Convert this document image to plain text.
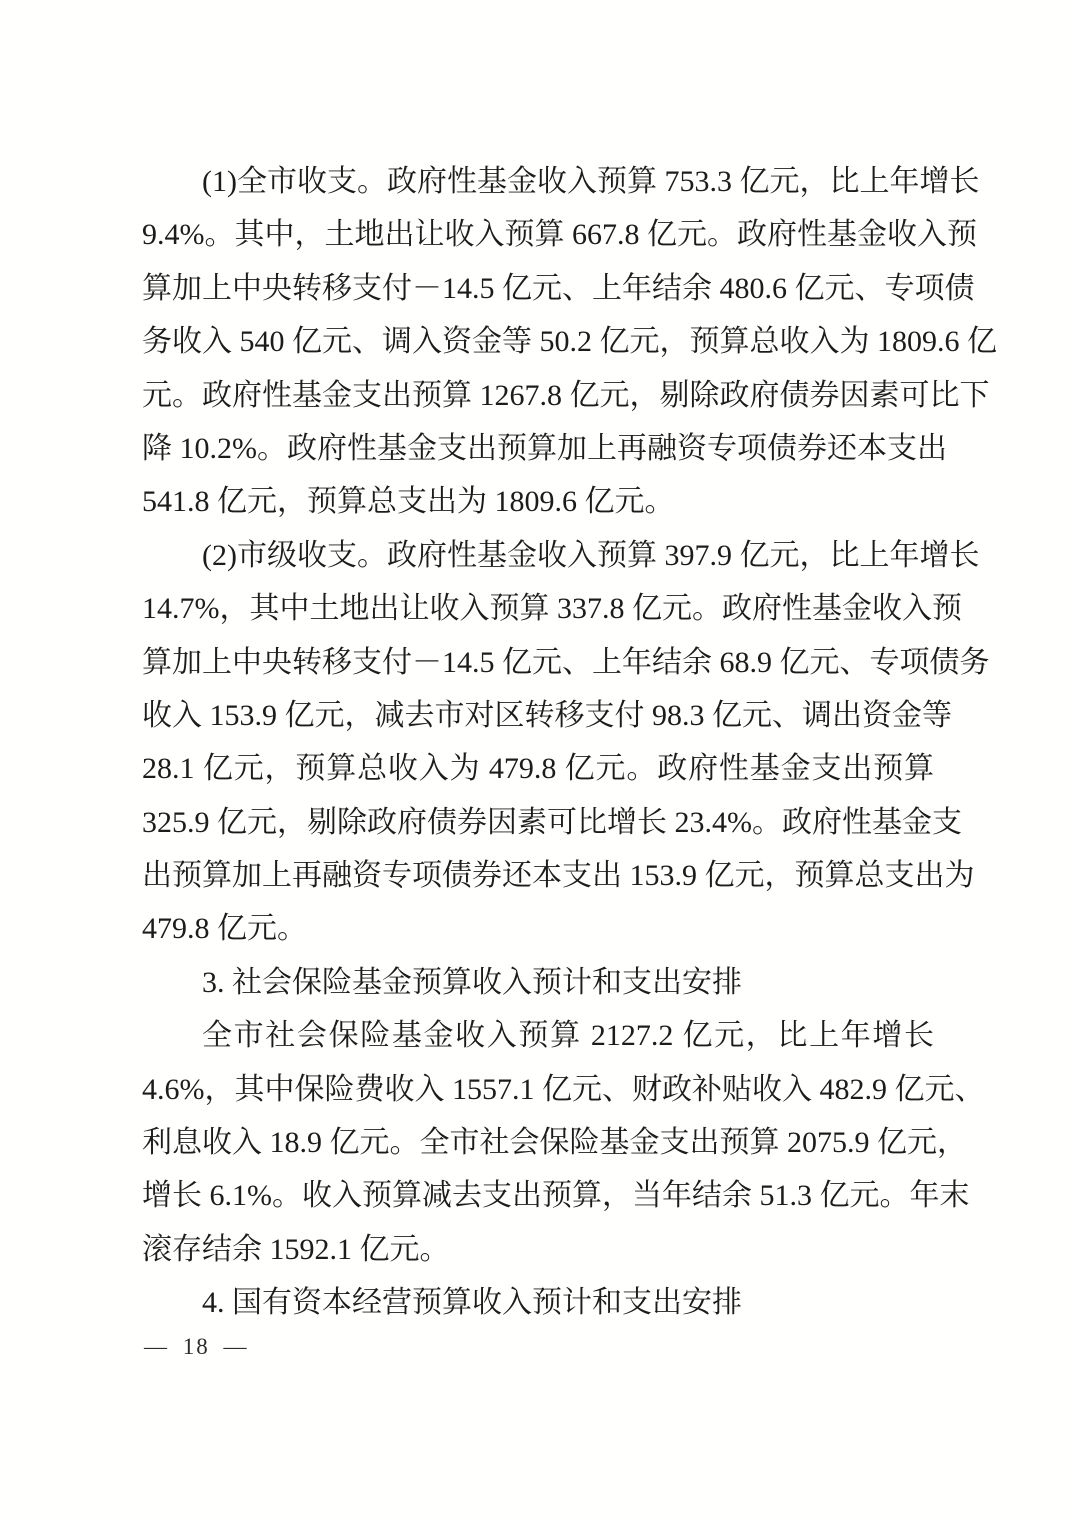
(1)全市收支。政府性基金收入预算 753.3 亿元，比上年增长
9.4%。其中，土地出让收入预算 667.8 亿元。政府性基金收入预
算加上中央转移支付－14.5 亿元、上年结余 480.6 亿元、专项债
务收入 540 亿元、调入资金等 50.2 亿元，预算总收入为 1809.6 亿
元。政府性基金支出预算 1267.8 亿元，剔除政府债券因素可比下
降 10.2%。政府性基金支出预算加上再融资专项债券还本支出
541.8 亿元，预算总支出为 1809.6 亿元。
(2)市级收支。政府性基金收入预算 397.9 亿元，比上年增长
14.7%，其中土地出让收入预算 337.8 亿元。政府性基金收入预
算加上中央转移支付－14.5 亿元、上年结余 68.9 亿元、专项债务
收入 153.9 亿元，减去市对区转移支付 98.3 亿元、调出资金等
28.1 亿元，预算总收入为 479.8 亿元。政府性基金支出预算
325.9 亿元，剔除政府债券因素可比增长 23.4%。政府性基金支
出预算加上再融资专项债券还本支出 153.9 亿元，预算总支出为
479.8 亿元。
3. 社会保险基金预算收入预计和支出安排
全市社会保险基金收入预算 2127.2 亿元，比上年增长
4.6%，其中保险费收入 1557.1 亿元、财政补贴收入 482.9 亿元、
利息收入 18.9 亿元。全市社会保险基金支出预算 2075.9 亿元，
增长 6.1%。收入预算减去支出预算，当年结余 51.3 亿元。年末
滚存结余 1592.1 亿元。
4. 国有资本经营预算收入预计和支出安排
— 18 —
